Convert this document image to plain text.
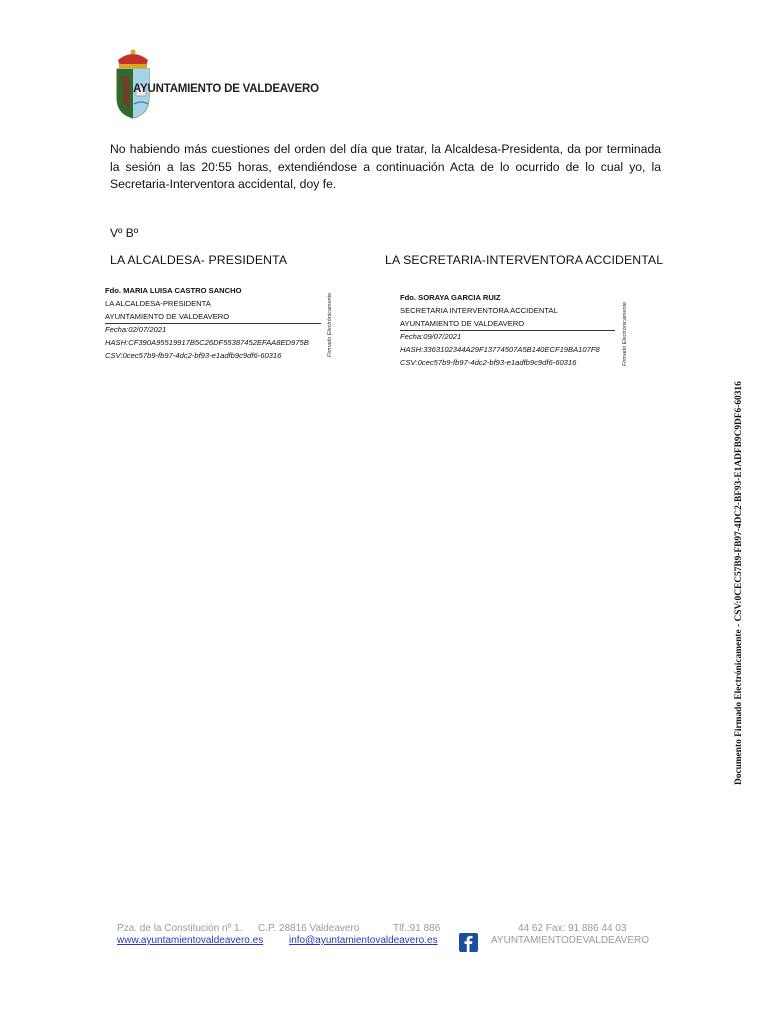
AYUNTAMIENTO DE VALDEAVERO
No habiendo más cuestiones del orden del día que tratar, la Alcaldesa-Presidenta, da por terminada la sesión a las 20:55 horas, extendiéndose a continuación Acta de lo ocurrido de lo cual yo, la Secretaria-Interventora accidental, doy fe.
Vº Bº
LA ALCALDESA- PRESIDENTA	LA SECRETARIA-INTERVENTORA ACCIDENTAL
Fdo. MARIA LUISA CASTRO SANCHO
LA ALCALDESA-PRESIDENTA
AYUNTAMIENTO DE VALDEAVERO
Fecha:02/07/2021
HASH:CF390A95519917B5C26DF55387452EFAA8ED975B
CSV:0cec57b9-fb97-4dc2-bf93-e1adfb9c9df6-60316	Firmado Electrónicamente	Fdo. SORAYA GARCIA RUIZ
SECRETARIA INTERVENTORA ACCIDENTAL
AYUNTAMIENTO DE VALDEAVERO
Fecha:09/07/2021
HASH:3363102344A29F13774507A5B140ECF19BA107F8
CSV:0cec57b9-fb97-4dc2-bf93-e1adfb9c9df6-60316	Firmado Electrónicamente
Documento Firmado Electrónicamente - CSV:0CEC57B9-FB97-4DC2-BF93-E1ADFB9C9DF6-60316
Pza. de la Constitución nº 1. C.P. 28816 Valdeavero	Tlf.:91 886	44 62 Fax: 91 886 44 03
www.ayuntamientovaldeavero.es	info@ayuntamientovaldeavero.es	AYUNTAMIENTODEVALDEAVERO
